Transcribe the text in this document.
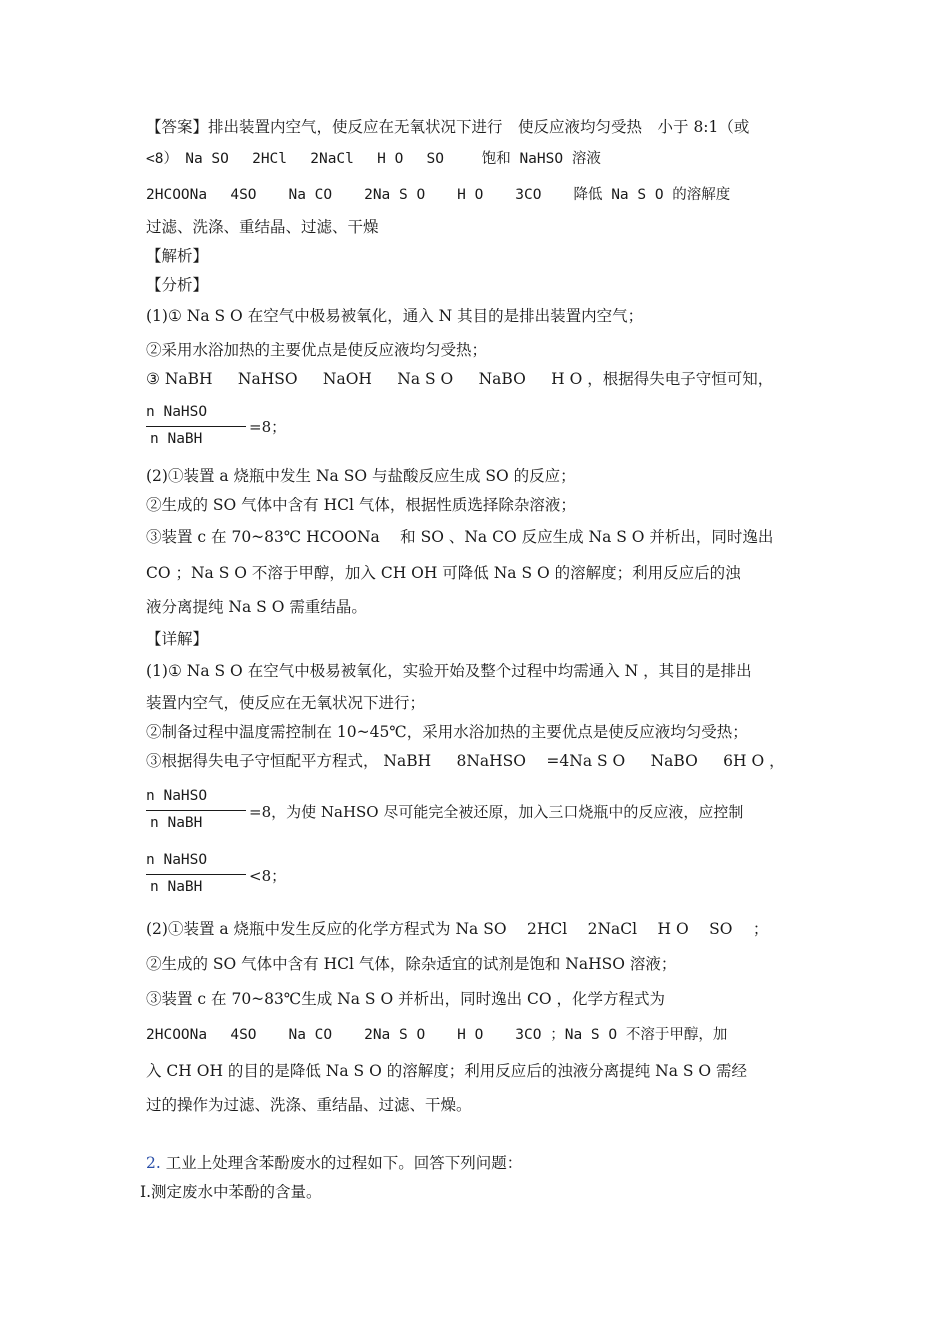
【答案】排出装置内空气，使反应在无氧状况下进行　使反应液均匀受热　小于 8:1（或
<8）　Na SO 　2HCl　 2NaCl 　H O 　SO 　　饱和 NaHSO 溶液
2HCOONa　 4SO 　 Na CO 　 2Na S O 　 H O 　 3CO 　 降低 Na S O 的溶解度
过滤、洗涤、重结晶、过滤、干燥
【解析】
【分析】
(1)① Na S O 在空气中极易被氧化，通入 N 其目的是排出装置内空气；
②采用水浴加热的主要优点是使反应液均匀受热；
③ NaBH 　 NaHSO 　 NaOH 　 Na S O 　 NaBO 　 H O ，根据得失电子守恒可知，
n NaHSO
n NaBH
=8；
(2)①装置 a 烧瓶中发生 Na SO 与盐酸反应生成 SO 的反应；
②生成的 SO 气体中含有 HCl 气体，根据性质选择除杂溶液；
③装置 c 在 70~83℃ HCOONa 　和 SO 、Na CO 反应生成 Na S O 并析出，同时逸出
CO ；Na S O 不溶于甲醇，加入 CH OH 可降低 Na S O 的溶解度；利用反应后的浊
液分离提纯 Na S O 需重结晶。
【详解】
(1)① Na S O 在空气中极易被氧化，实验开始及整个过程中均需通入 N ，其目的是排出
装置内空气，使反应在无氧状况下进行；
②制备过程中温度需控制在 10~45℃，采用水浴加热的主要优点是使反应液均匀受热；
③根据得失电子守恒配平方程式， NaBH 　 8NaHSO 　=4Na S O 　 NaBO 　 6H O ，
n NaHSO
n NaBH
=8，为使 NaHSO 尽可能完全被还原，加入三口烧瓶中的反应液，应控制
n NaHSO
n NaBH
<8；
(2)①装置 a 烧瓶中发生反应的化学方程式为 Na SO 　2HCl　 2NaCl 　H O 　SO 　；
②生成的 SO 气体中含有 HCl 气体，除杂适宜的试剂是饱和 NaHSO 溶液；
③装置 c 在 70~83℃生成 Na S O 并析出，同时逸出 CO ，化学方程式为
2HCOONa　 4SO 　 Na CO 　 2Na S O 　 H O 　 3CO ；Na S O 不溶于甲醇，加
入 CH OH 的目的是降低 Na S O 的溶解度；利用反应后的浊液分离提纯 Na S O 需经
过的操作为过滤、洗涤、重结晶、过滤、干燥。
2. 工业上处理含苯酚废水的过程如下。回答下列问题：
Ⅰ.测定废水中苯酚的含量。
